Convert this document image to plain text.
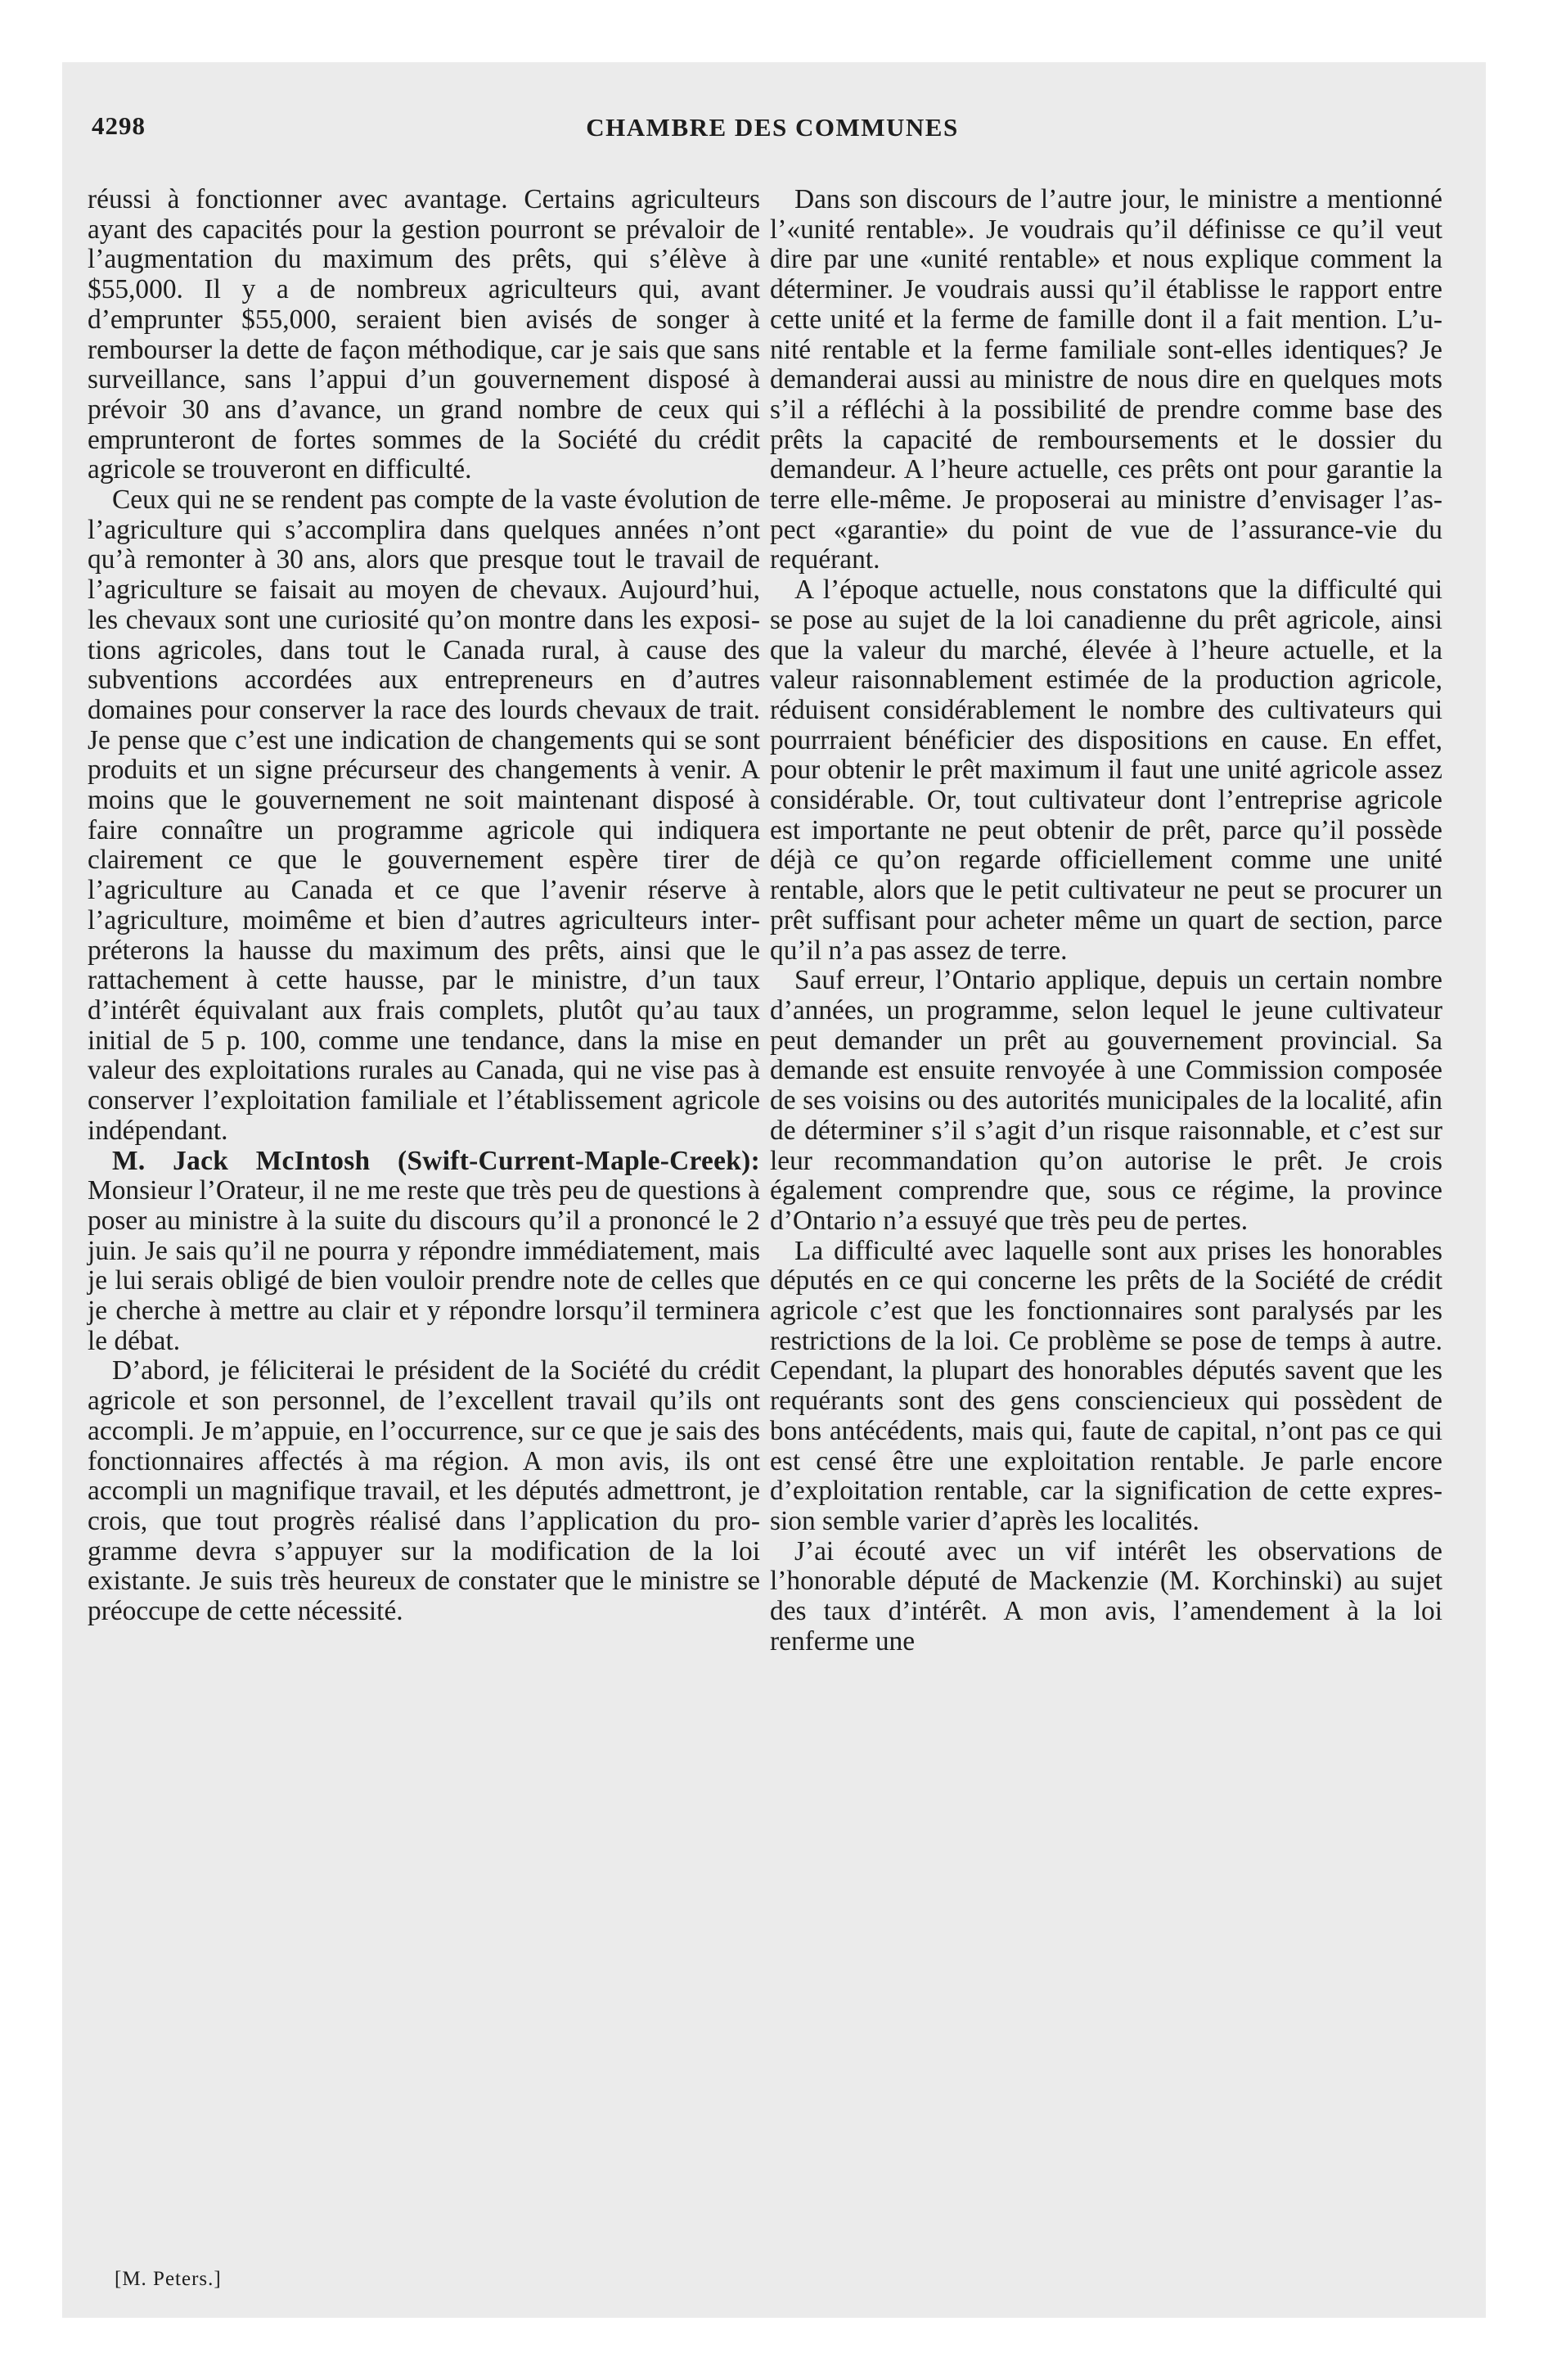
4298	CHAMBRE DES COMMUNES

réussi à fonctionner avec avantage. Certains agriculteurs ayant des capacités pour la gestion pourront se prévaloir de l’augmentation du maximum des prêts, qui s’élève à $55,000. Il y a de nombreux agriculteurs qui, avant d’emprunter $55,000, seraient bien avisés de songer à rembourser la dette de façon méthodique, car je sais que sans surveillance, sans l’appui d’un gouvernement disposé à prévoir 30 ans d’avance, un grand nombre de ceux qui emprunteront de fortes sommes de la Société du crédit agricole se trouveront en difficulté.

Ceux qui ne se rendent pas compte de la vaste évolution de l’agriculture qui s’accomplira dans quelques années n’ont qu’à remonter à 30 ans, alors que presque tout le travail de l’agriculture se faisait au moyen de chevaux. Aujourd’hui, les chevaux sont une curiosité qu’on montre dans les expositions agricoles, dans tout le Canada rural, à cause des subventions accordées aux entrepreneurs en d’autres domaines pour conserver la race des lourds chevaux de trait. Je pense que c’est une indication de changements qui se sont produits et un signe précurseur des changements à venir. A moins que le gouvernement ne soit maintenant disposé à faire connaître un programme agricole qui indiquera clairement ce que le gouvernement espère tirer de l’agriculture au Canada et ce que l’avenir réserve à l’agriculture, moimême et bien d’autres agriculteurs interpréterons la hausse du maximum des prêts, ainsi que le rattachement à cette hausse, par le ministre, d’un taux d’intérêt équivalant aux frais complets, plutôt qu’au taux initial de 5 p. 100, comme une tendance, dans la mise en valeur des exploitations rurales au Canada, qui ne vise pas à conserver l’exploitation familiale et l’établissement agricole indépendant.

M. Jack McIntosh (Swift-Current-Maple-Creek): Monsieur l’Orateur, il ne me reste que très peu de questions à poser au ministre à la suite du discours qu’il a prononcé le 2 juin. Je sais qu’il ne pourra y répondre immédiatement, mais je lui serais obligé de bien vouloir prendre note de celles que je cherche à mettre au clair et y répondre lorsqu’il terminera le débat.

D’abord, je féliciterai le président de la Société du crédit agricole et son personnel, de l’excellent travail qu’ils ont accompli. Je m’appuie, en l’occurrence, sur ce que je sais des fonctionnaires affectés à ma région. A mon avis, ils ont accompli un magnifique travail, et les députés admettront, je crois, que tout progrès réalisé dans l’application du programme devra s’appuyer sur la modification de la loi existante. Je suis très heureux de constater que le ministre se préoccupe de cette nécessité.

Dans son discours de l’autre jour, le ministre a mentionné l’«unité rentable». Je voudrais qu’il définisse ce qu’il veut dire par une «unité rentable» et nous explique comment la déterminer. Je voudrais aussi qu’il établisse le rapport entre cette unité et la ferme de famille dont il a fait mention. L’unité rentable et la ferme familiale sont-elles identiques? Je demanderai aussi au ministre de nous dire en quelques mots s’il a réfléchi à la possibilité de prendre comme base des prêts la capacité de remboursements et le dossier du demandeur. A l’heure actuelle, ces prêts ont pour garantie la terre elle-même. Je proposerai au ministre d’envisager l’aspect «garantie» du point de vue de l’assurance-vie du requérant.

A l’époque actuelle, nous constatons que la difficulté qui se pose au sujet de la loi canadienne du prêt agricole, ainsi que la valeur du marché, élevée à l’heure actuelle, et la valeur raisonnablement estimée de la production agricole, réduisent considérablement le nombre des cultivateurs qui pourrraient bénéficier des dispositions en cause. En effet, pour obtenir le prêt maximum il faut une unité agricole assez considérable. Or, tout cultivateur dont l’entreprise agricole est importante ne peut obtenir de prêt, parce qu’il possède déjà ce qu’on regarde officiellement comme une unité rentable, alors que le petit cultivateur ne peut se procurer un prêt suffisant pour acheter même un quart de section, parce qu’il n’a pas assez de terre.

Sauf erreur, l’Ontario applique, depuis un certain nombre d’années, un programme, selon lequel le jeune cultivateur peut demander un prêt au gouvernement provincial. Sa demande est ensuite renvoyée à une Commission composée de ses voisins ou des autorités municipales de la localité, afin de déterminer s’il s’agit d’un risque raisonnable, et c’est sur leur recommandation qu’on autorise le prêt. Je crois également comprendre que, sous ce régime, la province d’Ontario n’a essuyé que très peu de pertes.

La difficulté avec laquelle sont aux prises les honorables députés en ce qui concerne les prêts de la Société de crédit agricole c’est que les fonctionnaires sont paralysés par les restrictions de la loi. Ce problème se pose de temps à autre. Cependant, la plupart des honorables députés savent que les requérants sont des gens consciencieux qui possèdent de bons antécédents, mais qui, faute de capital, n’ont pas ce qui est censé être une exploitation rentable. Je parle encore d’exploitation rentable, car la signification de cette expression semble varier d’après les localités.

J’ai écouté avec un vif intérêt les observations de l’honorable député de Mackenzie (M. Korchinski) au sujet des taux d’intérêt. A mon avis, l’amendement à la loi renferme une

[M. Peters.]
